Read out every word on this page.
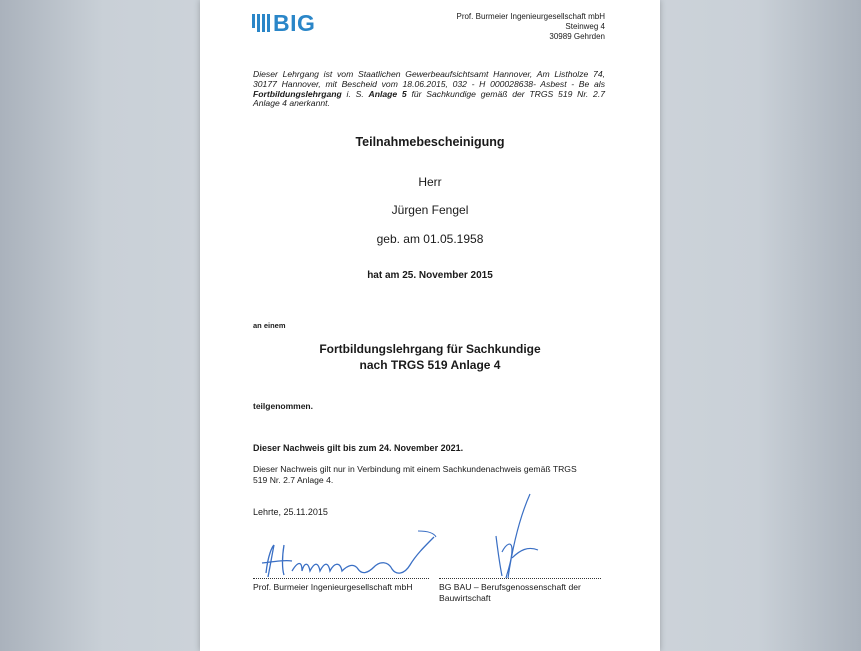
BIG	Prof. Burmeier Ingenieurgesellschaft mbH
Steinweg 4
30989 Gehrden
Dieser Lehrgang ist vom Staatlichen Gewerbeaufsichtsamt Hannover, Am Listholze 74, 30177 Hannover, mit Bescheid vom 18.06.2015, 032 - H 000028638- Asbest - Be als Fortbildungslehrgang i. S. Anlage 5 für Sachkundige gemäß der TRGS 519 Nr. 2.7 Anlage 4 anerkannt.
Teilnahmebescheinigung
Herr
Jürgen Fengel
geb. am 01.05.1958
hat am 25. November 2015
an einem
Fortbildungslehrgang für Sachkundige
nach TRGS 519 Anlage 4
teilgenommen.
Dieser Nachweis gilt bis zum 24. November 2021.
Dieser Nachweis gilt nur in Verbindung mit einem Sachkundenachweis gemäß TRGS 519 Nr. 2.7 Anlage 4.
Lehrte, 25.11.2015
Prof. Burmeier Ingenieurgesellschaft mbH	BG BAU – Berufsgenossenschaft der
Bauwirtschaft
